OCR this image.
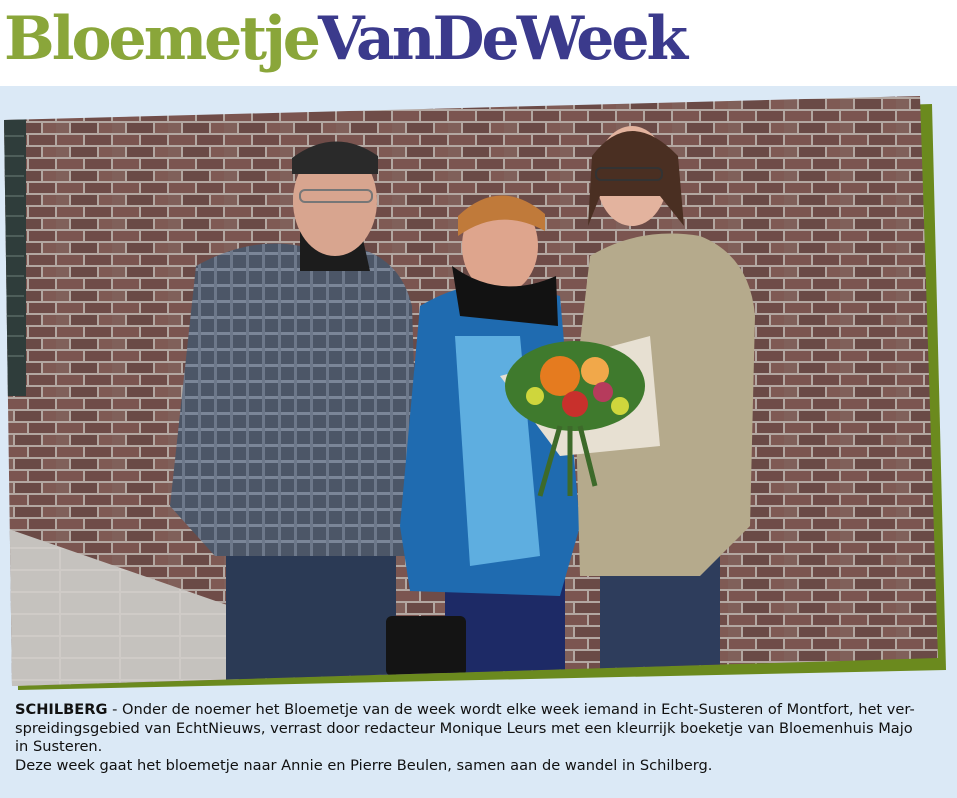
BloemetjeVanDeWeek

SCHILBERG - Onder de noemer het Bloemetje van de week wordt elke week iemand in Echt-Susteren of Montfort, het ver-

spreidingsgebied van EchtNieuws, verrast door redacteur Monique Leurs met een kleurrijk boeketje van Bloemenhuis Majo

in Susteren.

Deze week gaat het bloemetje naar Annie en Pierre Beulen, samen aan de wandel in Schilberg.
